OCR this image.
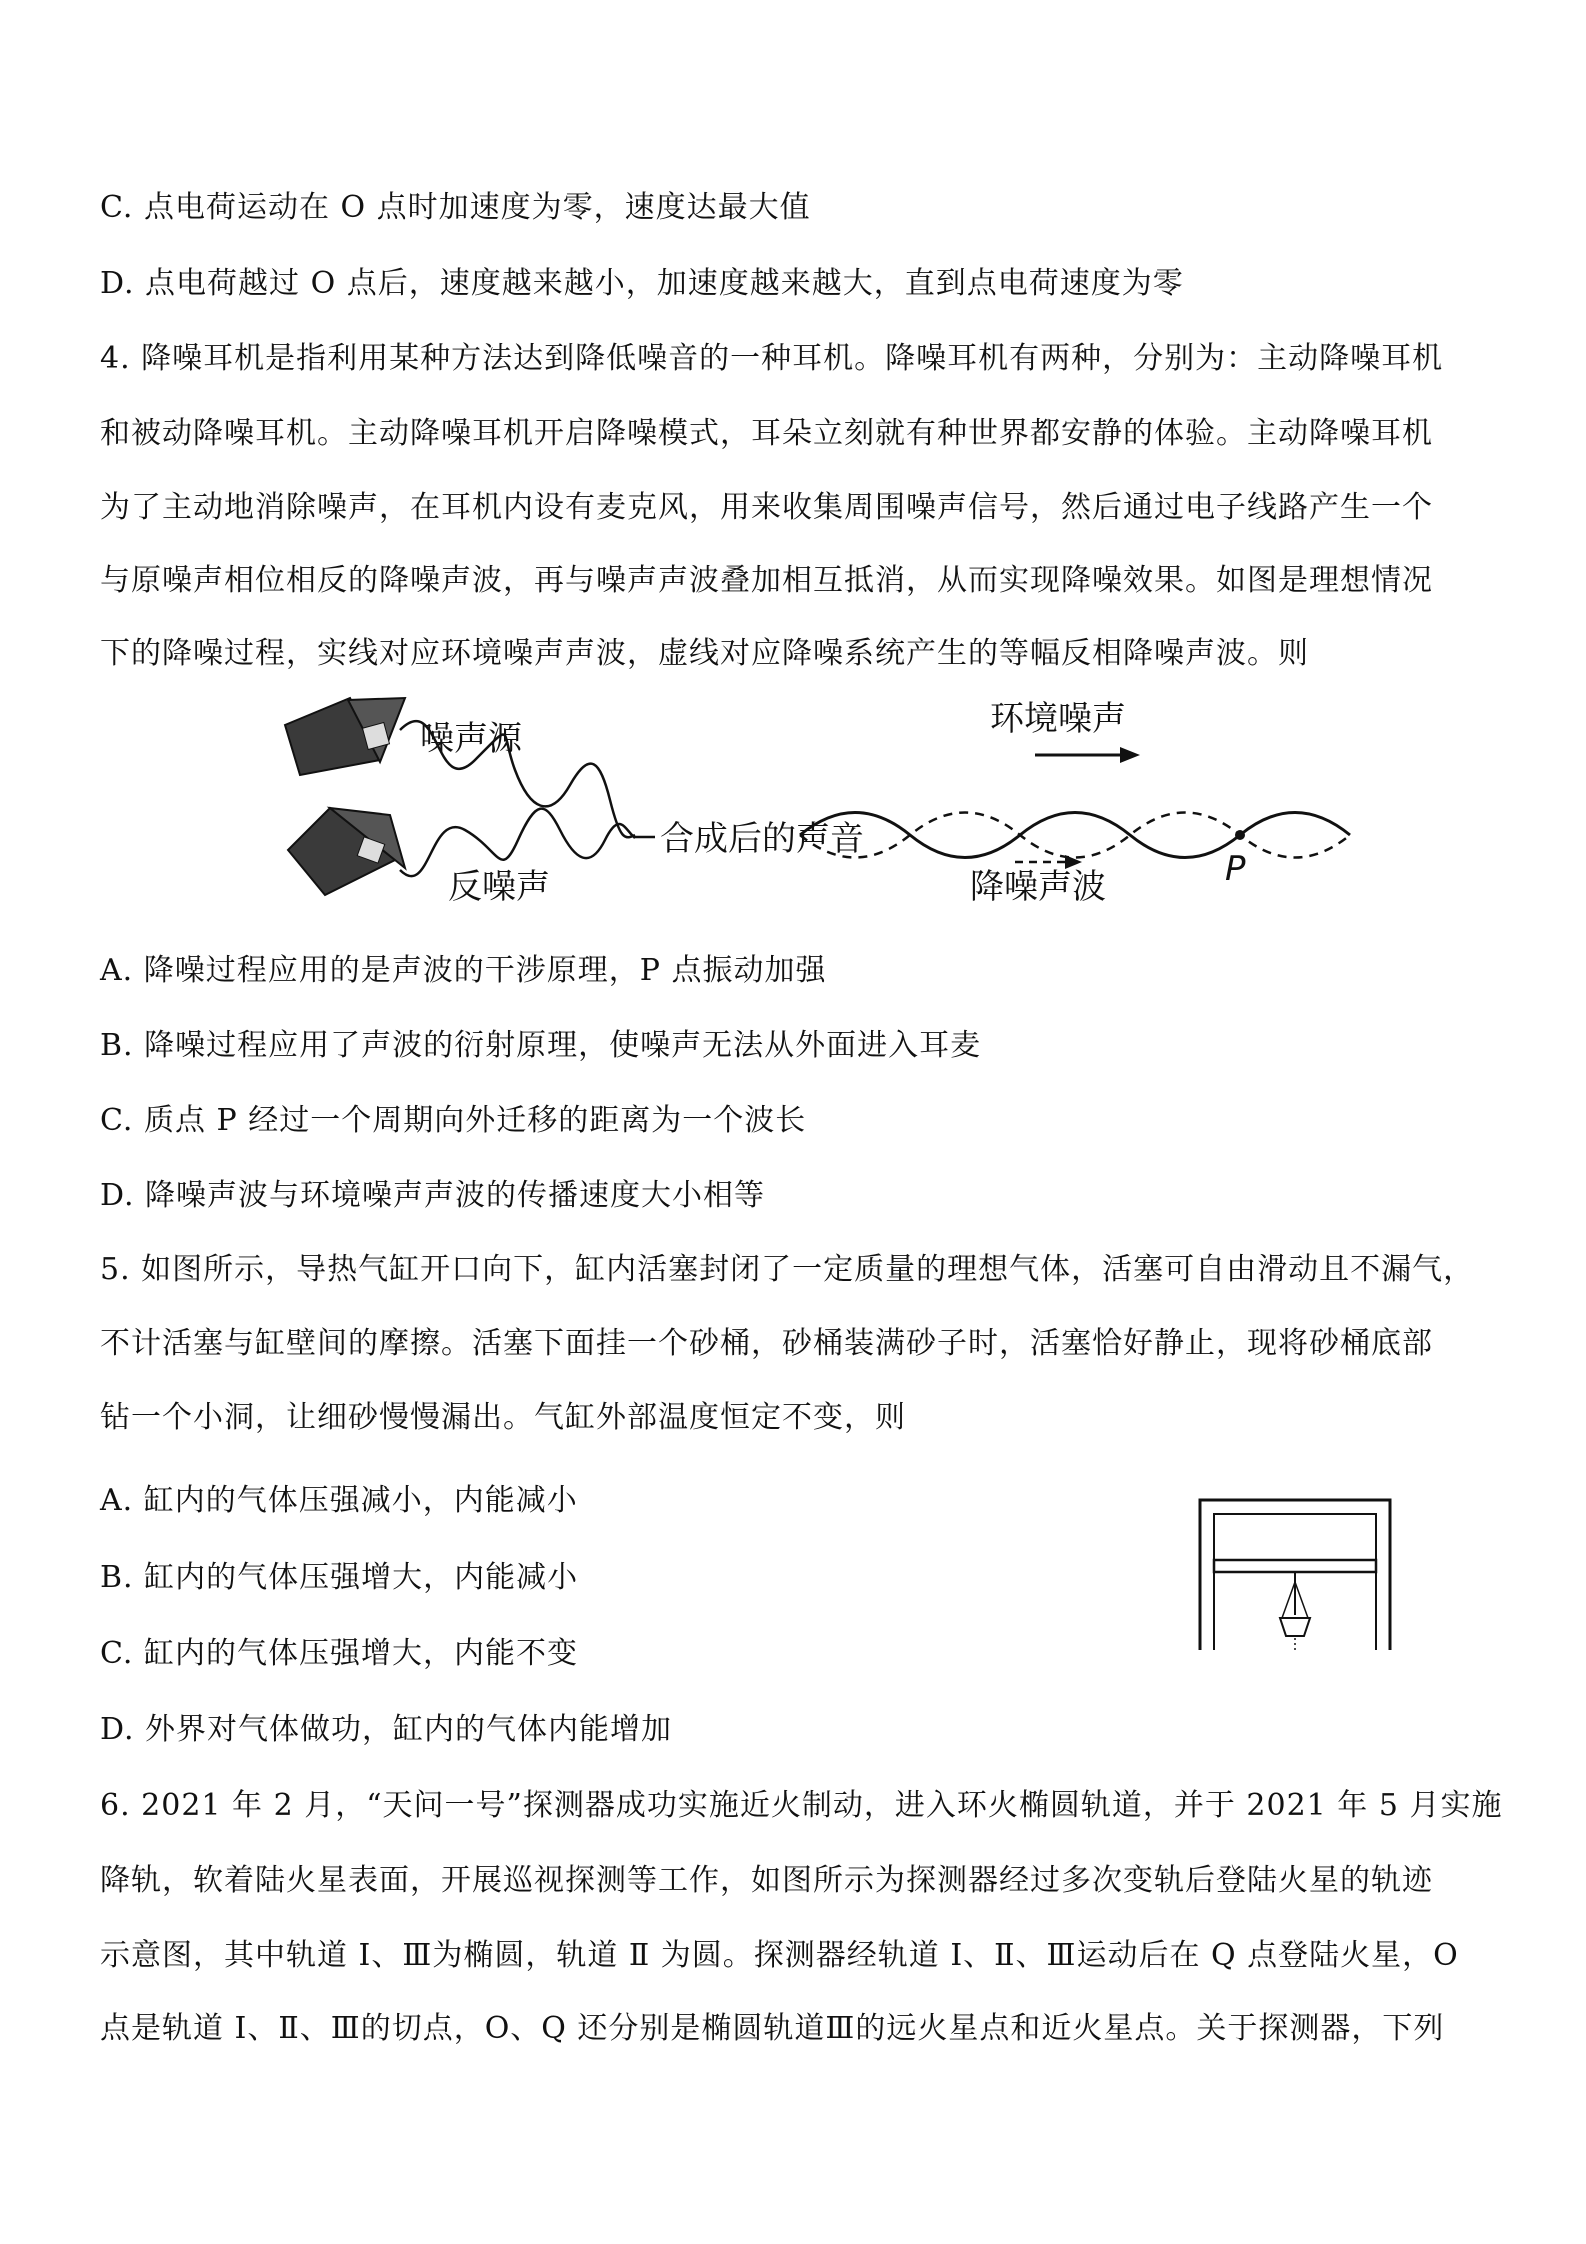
C. 点电荷运动在 O 点时加速度为零，速度达最大值
D. 点电荷越过 O 点后，速度越来越小，加速度越来越大，直到点电荷速度为零
4. 降噪耳机是指利用某种方法达到降低噪音的一种耳机。降噪耳机有两种，分别为：主动降噪耳机
和被动降噪耳机。主动降噪耳机开启降噪模式，耳朵立刻就有种世界都安静的体验。主动降噪耳机
为了主动地消除噪声，在耳机内设有麦克风，用来收集周围噪声信号，然后通过电子线路产生一个
与原噪声相位相反的降噪声波，再与噪声声波叠加相互抵消，从而实现降噪效果。如图是理想情况
下的降噪过程，实线对应环境噪声声波，虚线对应降噪系统产生的等幅反相降噪声波。则
噪声源
合成后的声音
反噪声	P
环境噪声
降噪声波
A. 降噪过程应用的是声波的干涉原理，P 点振动加强
B. 降噪过程应用了声波的衍射原理，使噪声无法从外面进入耳麦
C. 质点 P 经过一个周期向外迁移的距离为一个波长
D. 降噪声波与环境噪声声波的传播速度大小相等
5. 如图所示，导热气缸开口向下，缸内活塞封闭了一定质量的理想气体，活塞可自由滑动且不漏气，
不计活塞与缸壁间的摩擦。活塞下面挂一个砂桶，砂桶装满砂子时，活塞恰好静止，现将砂桶底部
钻一个小洞，让细砂慢慢漏出。气缸外部温度恒定不变，则
A. 缸内的气体压强减小，内能减小
B. 缸内的气体压强增大，内能减小
C. 缸内的气体压强增大，内能不变
D. 外界对气体做功，缸内的气体内能增加
6. 2021 年 2 月，“天问一号”探测器成功实施近火制动，进入环火椭圆轨道，并于 2021 年 5 月实施
降轨，软着陆火星表面，开展巡视探测等工作，如图所示为探测器经过多次变轨后登陆火星的轨迹
示意图，其中轨道 Ⅰ、Ⅲ为椭圆，轨道 Ⅱ 为圆。探测器经轨道 Ⅰ、Ⅱ、Ⅲ运动后在 Q 点登陆火星，O
点是轨道 Ⅰ、Ⅱ、Ⅲ的切点，O、Q 还分别是椭圆轨道Ⅲ的远火星点和近火星点。关于探测器，下列
